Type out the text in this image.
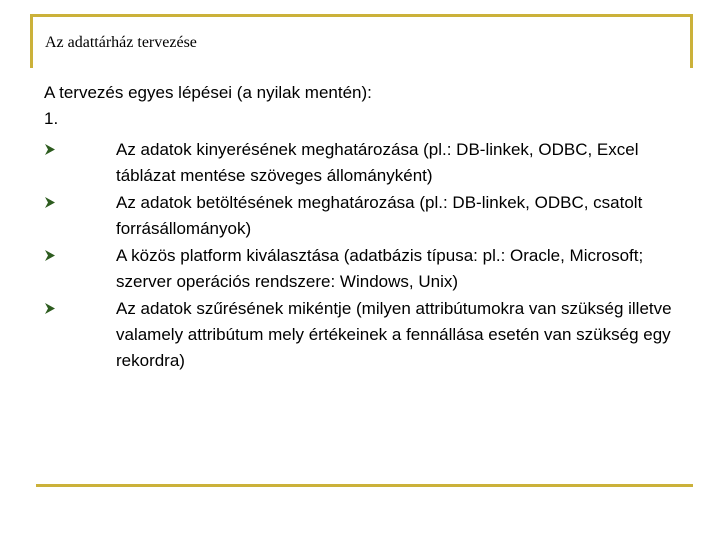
Az adattárház tervezése
A tervezés egyes lépései (a nyilak mentén):
1.
Az adatok kinyerésének meghatározása (pl.: DB-linkek, ODBC, Excel táblázat mentése szöveges állományként)
Az adatok betöltésének meghatározása (pl.: DB-linkek, ODBC, csatolt forrásállományok)
A közös platform kiválasztása (adatbázis típusa: pl.: Oracle, Microsoft; szerver operációs rendszere: Windows, Unix)
Az adatok szűrésének mikéntje (milyen attribútumokra van szükség illetve valamely attribútum mely értékeinek a fennállása esetén van szükség egy rekordra)
